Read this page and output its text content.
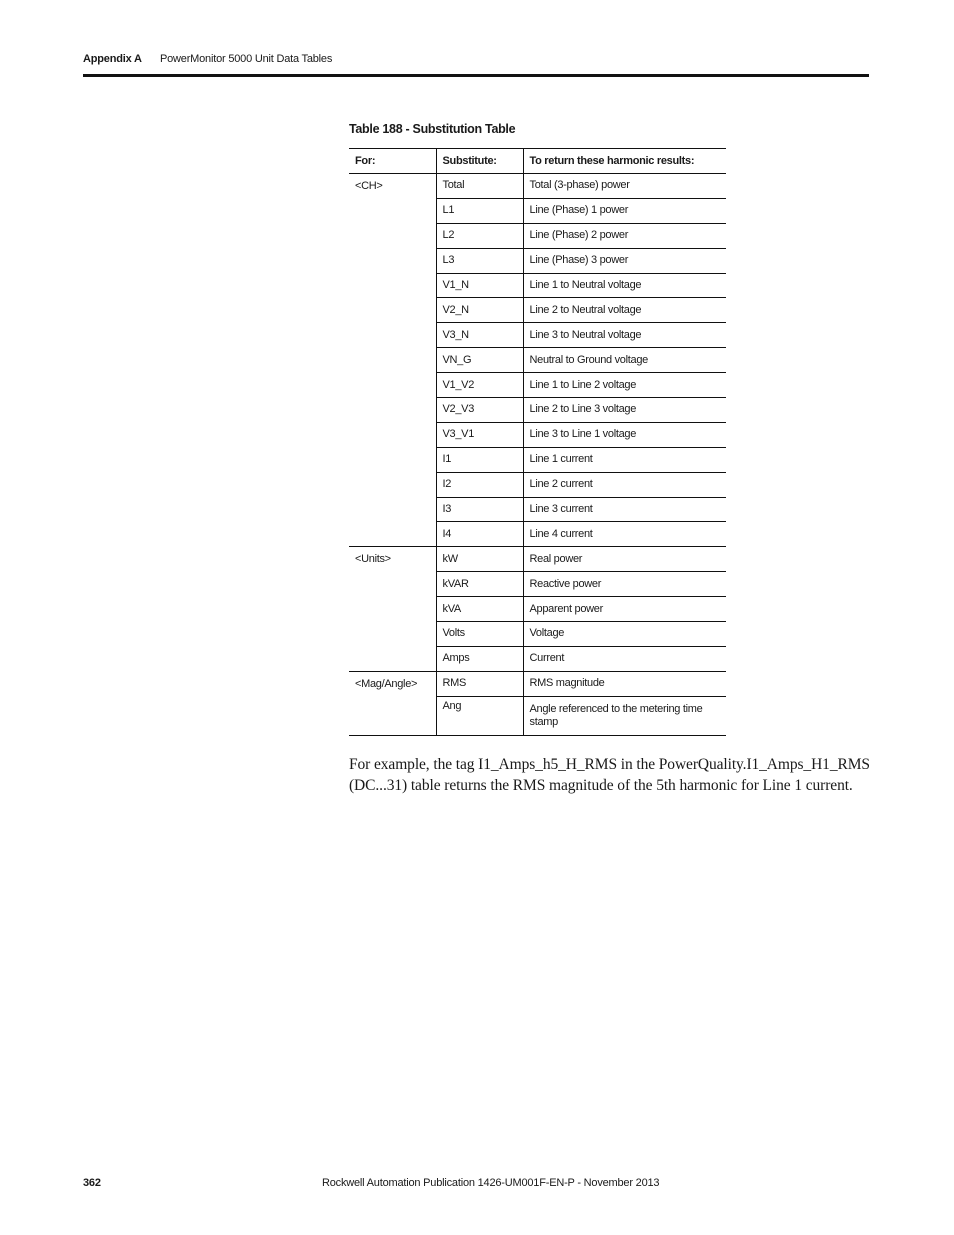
Appendix A PowerMonitor 5000 Unit Data Tables
Table 188 - Substitution Table
For:	Substitute:	To return these harmonic results:
<CH>	Total	Total (3-phase) power
	L1	Line (Phase) 1 power
	L2	Line (Phase) 2 power
	L3	Line (Phase) 3 power
	V1_N	Line 1 to Neutral voltage
	V2_N	Line 2 to Neutral voltage
	V3_N	Line 3 to Neutral voltage
	VN_G	Neutral to Ground voltage
	V1_V2	Line 1 to Line 2 voltage
	V2_V3	Line 2 to Line 3 voltage
	V3_V1	Line 3 to Line 1 voltage
	I1	Line 1 current
	I2	Line 2 current
	I3	Line 3 current
	I4	Line 4 current
<Units>	kW	Real power
	kVAR	Reactive power
	kVA	Apparent power
	Volts	Voltage
	Amps	Current
<Mag/Angle>	RMS	RMS magnitude
	Ang	Angle referenced to the metering time stamp
For example, the tag I1_Amps_h5_H_RMS in the PowerQuality.I1_Amps_H1_RMS (DC...31) table returns the RMS magnitude of the 5th harmonic for Line 1 current.
362	Rockwell Automation Publication 1426-UM001F-EN-P - November 2013
